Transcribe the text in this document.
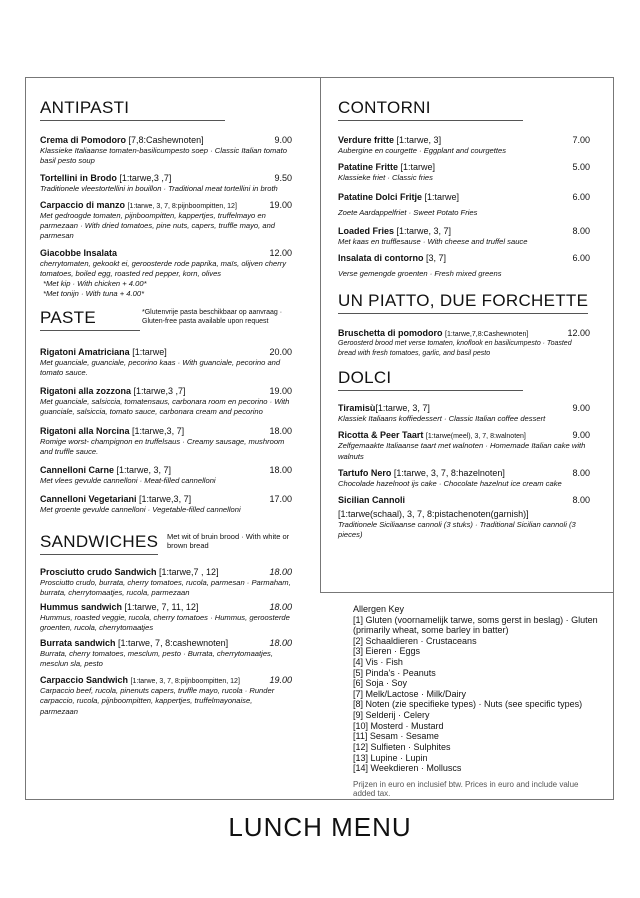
ANTIPASTI
Crema di Pomodoro [7,8:Cashewnoten]	9.00
Klassieke Italiaanse tomaten-basilicumpesto soep · Classic Italian tomato basil pesto soup
Tortellini in Brodo [1:tarwe,3 ,7]	9.50
Traditionele vleestortellini in bouillon · Traditional meat tortellini in broth
Carpaccio di manzo [1:tarwe, 3, 7, 8:pijnboompitten, 12]	19.00
Met gedroogde tomaten, pijnboompitten, kappertjes, truffelmayo en parmezaan · With dried tomatoes, pine nuts, capers, truffle mayo, and parmesan
Giacobbe Insalata	12.00
cherrytomaten, gekookt ei, geroosterde rode paprika, maïs, olijven cherry tomatoes, boiled egg, roasted red pepper, korn, olives
*Met kip · With chicken + 4.00*
*Met tonijn · With tuna + 4.00*
PASTE	*Glutenvrije pasta beschikbaar op aanvraag · Gluten-free pasta available upon request
Rigatoni Amatriciana [1:tarwe]	20.00
Met guanciale, guanciale, pecorino kaas · With guanciale, pecorino and tomato sauce.
Rigatoni alla zozzona [1:tarwe,3 ,7]	19.00
Met guanciale, salsiccia, tomatensaus, carbonara room en pecorino · With guanciale, salsiccia, tomato sauce, carbonara cream and pecorino
Rigatoni alla Norcina [1:tarwe,3, 7]	18.00
Romige worst- champignon en truffelsaus · Creamy sausage, mushroom and truffle sauce.
Cannelloni Carne [1:tarwe, 3, 7]	18.00
Met vlees gevulde cannelloni · Meat-filled cannelloni
Cannelloni Vegetariani [1:tarwe,3, 7]	17.00
Met groente gevulde cannelloni · Vegetable-filled cannelloni
SANDWICHES Met wit of bruin brood · With white or brown bread
Prosciutto crudo Sandwich [1:tarwe,7 , 12]	18.00
Prosciutto crudo, burrata, cherry tomatoes, rucola, parmesan · Parmaham, burrata, cherrytomaatjes, rucola, parmezaan
Hummus sandwich [1:tarwe, 7, 11, 12]	18.00
Hummus, roasted veggie, rucola, cherry tomatoes · Hummus, geroosterde groenten, rucola, cherrytomaatjes
Burrata sandwich [1:tarwe, 7, 8:cashewnoten]	18.00
Burrata, cherry tomatoes, mesclum, pesto · Burrata, cherrytomaatjes, mesclun sla, pesto
Carpaccio Sandwich [1:tarwe, 3, 7, 8:pijnboompitten, 12]	19.00
Carpaccio beef, rucola, pinenuts capers, truffle mayo, rucola · Runder carpaccio, rucola, pijnboompitten, kappertjes, truffelmayonaise, parmezaan
CONTORNI
Verdure fritte [1:tarwe, 3]	7.00
Aubergine en courgette · Eggplant and courgettes
Patatine Fritte [1:tarwe]	5.00
Klassieke friet · Classic fries
Patatine Dolci Fritje [1:tarwe]	6.00
Zoete Aardappelfriet · Sweet Potato Fries
Loaded Fries [1:tarwe, 3, 7]	8.00
Met kaas en trufflesause · With cheese and truffel sauce
Insalata di contorno [3, 7]	6.00
Verse gemengde groenten · Fresh mixed greens
UN PIATTO, DUE FORCHETTE
Bruschetta di pomodoro [1:tarwe,7,8:Cashewnoten]	12.00
Geroosterd brood met verse tomaten, knoflook en basilicumpesto · Toasted bread with fresh tomatoes, garlic, and basil pesto
DOLCI
Tiramisù[1:tarwe, 3, 7]	9.00
Klassiek Italiaans koffiedessert · Classic Italian coffee dessert
Ricotta & Peer Taart [1:tarwe(meel), 3, 7, 8:walnoten]	9.00
Zelfgemaakte Italiaanse taart met walnoten · Homemade Italian cake with walnuts
Tartufo Nero [1:tarwe, 3, 7, 8:hazelnoten]	8.00
Chocolade hazelnoot ijs cake · Chocolate hazelnut ice cream cake
Sicilian Cannoli	8.00
[1:tarwe(schaal), 3, 7, 8:pistachenoten(garnish)]
Traditionele Siciliaanse cannoli (3 stuks) · Traditional Sicilian cannoli (3 pieces)
Allergen Key
[1] Gluten (voornamelijk tarwe, soms gerst in beslag) · Gluten (primarily wheat, some barley in batter)
[2] Schaaldieren · Crustaceans
[3] Eieren · Eggs
[4] Vis · Fish
[5] Pinda's · Peanuts
[6] Soja · Soy
[7] Melk/Lactose · Milk/Dairy
[8] Noten (zie specifieke types) · Nuts (see specific types)
[9] Selderij · Celery
[10] Mosterd · Mustard
[11] Sesam · Sesame
[12] Sulfieten · Sulphites
[13] Lupine · Lupin
[14] Weekdieren · Molluscs
Prijzen in euro en inclusief btw. Prices in euro and include value added tax.
LUNCH MENU
